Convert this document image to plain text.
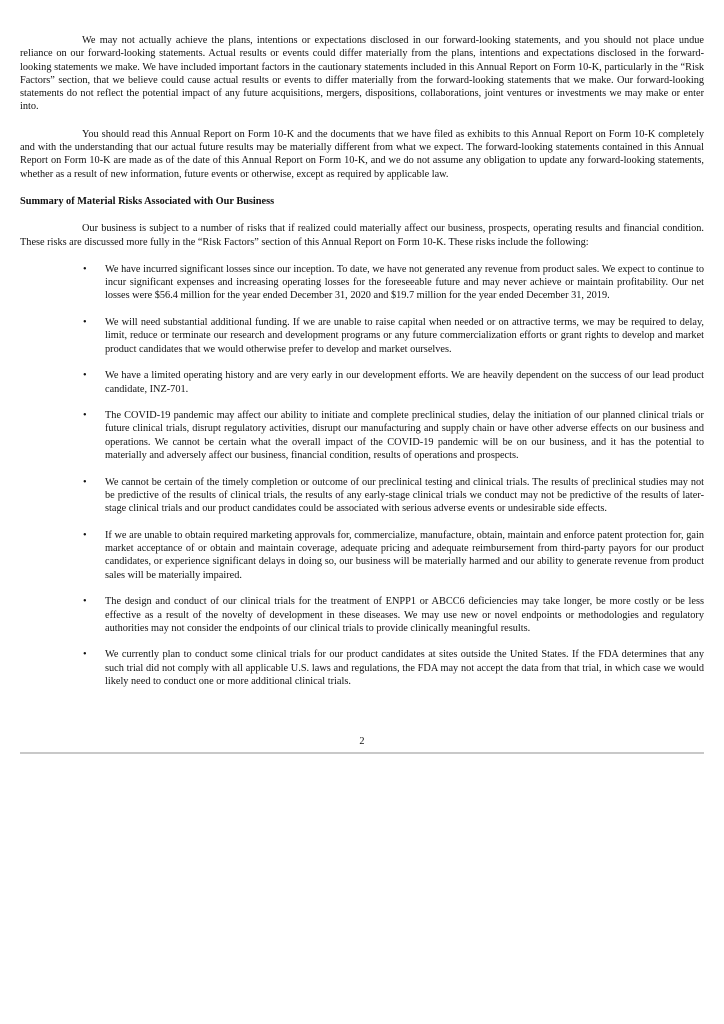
We may not actually achieve the plans, intentions or expectations disclosed in our forward-looking statements, and you should not place undue reliance on our forward-looking statements. Actual results or events could differ materially from the plans, intentions and expectations disclosed in the forward-looking statements we make. We have included important factors in the cautionary statements included in this Annual Report on Form 10-K, particularly in the “Risk Factors” section, that we believe could cause actual results or events to differ materially from the forward-looking statements that we make. Our forward-looking statements do not reflect the potential impact of any future acquisitions, mergers, dispositions, collaborations, joint ventures or investments we may make or enter into.

You should read this Annual Report on Form 10-K and the documents that we have filed as exhibits to this Annual Report on Form 10-K completely and with the understanding that our actual future results may be materially different from what we expect. The forward-looking statements contained in this Annual Report on Form 10-K are made as of the date of this Annual Report on Form 10-K, and we do not assume any obligation to update any forward-looking statements, whether as a result of new information, future events or otherwise, except as required by applicable law.

Summary of Material Risks Associated with Our Business

Our business is subject to a number of risks that if realized could materially affect our business, prospects, operating results and financial condition. These risks are discussed more fully in the “Risk Factors” section of this Annual Report on Form 10-K. These risks include the following:

• We have incurred significant losses since our inception. To date, we have not generated any revenue from product sales. We expect to continue to incur significant expenses and increasing operating losses for the foreseeable future and may never achieve or maintain profitability. Our net losses were $56.4 million for the year ended December 31, 2020 and $19.7 million for the year ended December 31, 2019.
• We will need substantial additional funding. If we are unable to raise capital when needed or on attractive terms, we may be required to delay, limit, reduce or terminate our research and development programs or any future commercialization efforts or grant rights to develop and market product candidates that we would otherwise prefer to develop and market ourselves.
• We have a limited operating history and are very early in our development efforts. We are heavily dependent on the success of our lead product candidate, INZ-701.
• The COVID-19 pandemic may affect our ability to initiate and complete preclinical studies, delay the initiation of our planned clinical trials or future clinical trials, disrupt regulatory activities, disrupt our manufacturing and supply chain or have other adverse effects on our business and operations. We cannot be certain what the overall impact of the COVID-19 pandemic will be on our business, and it has the potential to materially and adversely affect our business, financial condition, results of operations and prospects.
• We cannot be certain of the timely completion or outcome of our preclinical testing and clinical trials. The results of preclinical studies may not be predictive of the results of clinical trials, the results of any early-stage clinical trials we conduct may not be predictive of the results of later-stage clinical trials and our product candidates could be associated with serious adverse events or undesirable side effects.
• If we are unable to obtain required marketing approvals for, commercialize, manufacture, obtain, maintain and enforce patent protection for, gain market acceptance of or obtain and maintain coverage, adequate pricing and adequate reimbursement from third-party payors for our product candidates, or experience significant delays in doing so, our business will be materially harmed and our ability to generate revenue from product sales will be materially impaired.
• The design and conduct of our clinical trials for the treatment of ENPP1 or ABCC6 deficiencies may take longer, be more costly or be less effective as a result of the novelty of development in these diseases. We may use new or novel endpoints or methodologies and regulatory authorities may not consider the endpoints of our clinical trials to provide clinically meaningful results.
• We currently plan to conduct some clinical trials for our product candidates at sites outside the United States. If the FDA determines that any such trial did not comply with all applicable U.S. laws and regulations, the FDA may not accept the data from that trial, in which case we would likely need to conduct one or more additional clinical trials.
2
